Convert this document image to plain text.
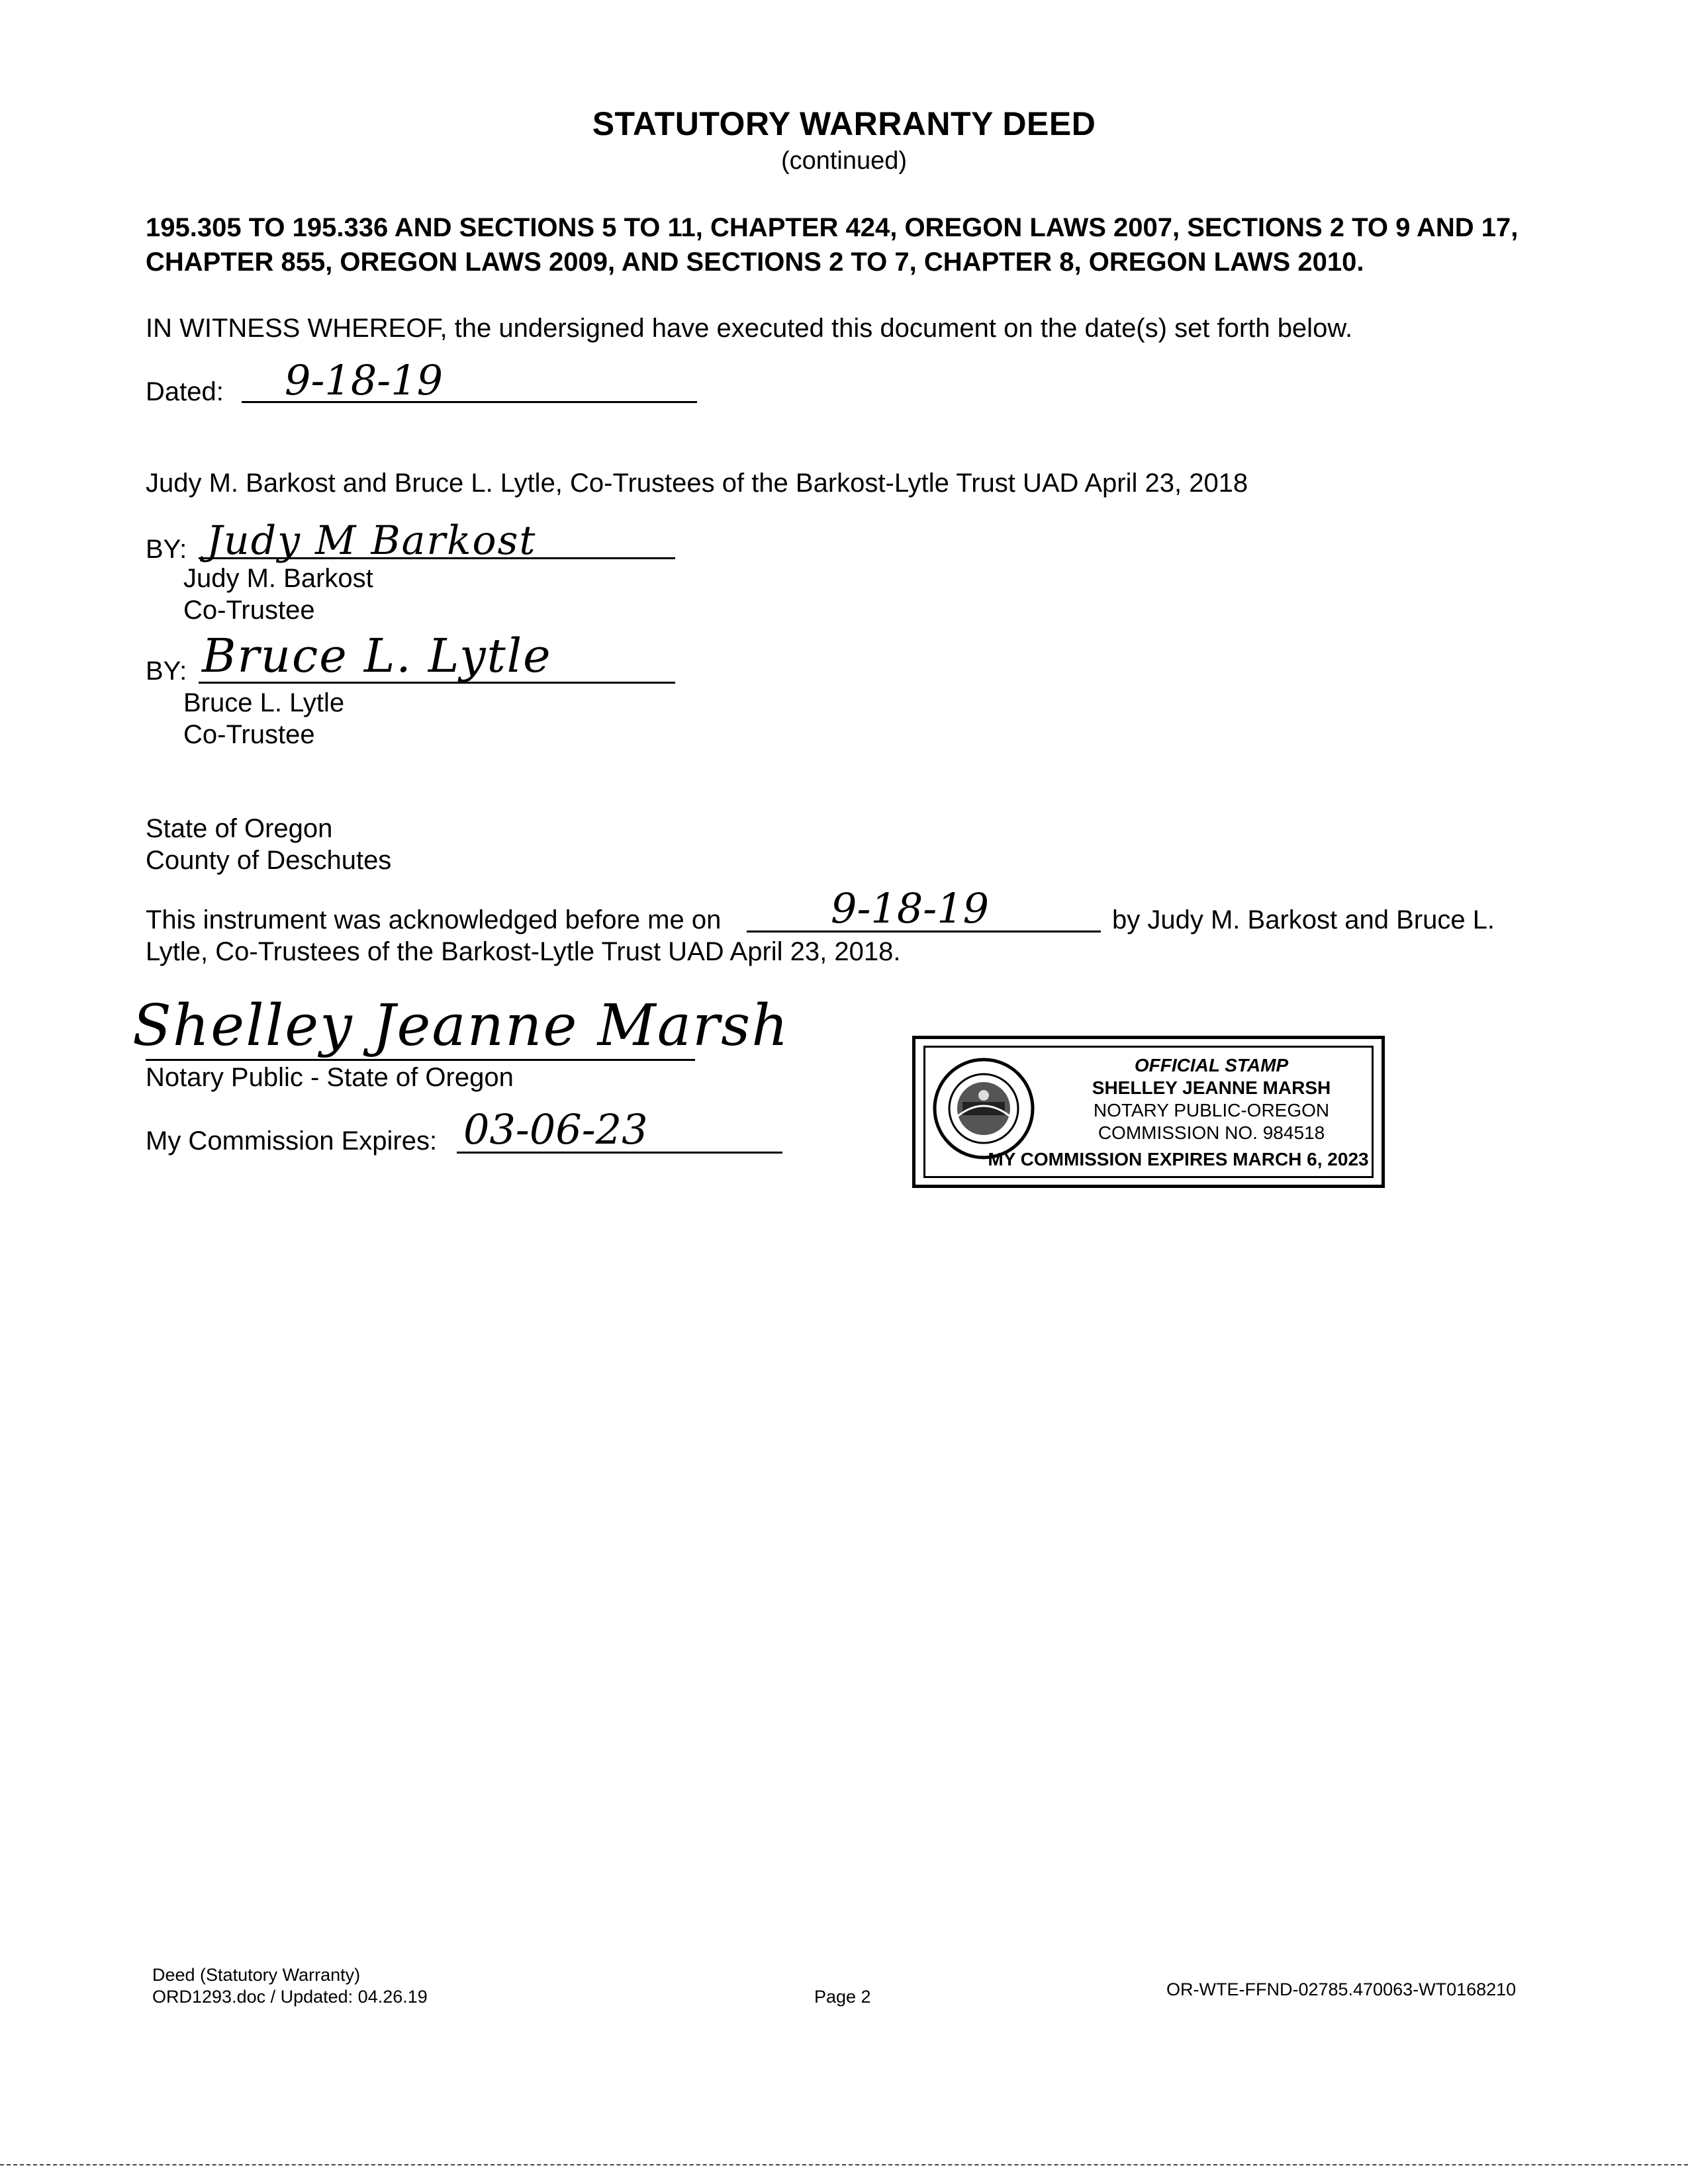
STATUTORY WARRANTY DEED
(continued)
195.305 TO 195.336 AND SECTIONS 5 TO 11, CHAPTER 424, OREGON LAWS 2007, SECTIONS 2 TO 9 AND 17, CHAPTER 855, OREGON LAWS 2009, AND SECTIONS 2 TO 7, CHAPTER 8, OREGON LAWS 2010.
IN WITNESS WHEREOF, the undersigned have executed this document on the date(s) set forth below.
Dated: 9-18-19
Judy M. Barkost and Bruce L. Lytle, Co-Trustees of the Barkost-Lytle Trust UAD April 23, 2018
BY: Judy M Barkost
Judy M. Barkost
Co-Trustee
BY: Bruce L. Lytle
Bruce L. Lytle
Co-Trustee
State of Oregon
County of Deschutes
This instrument was acknowledged before me on	9-18-19	by Judy M. Barkost and Bruce L.
Lytle, Co-Trustees of the Barkost-Lytle Trust UAD April 23, 2018.
Shelley Jeanne Marsh
Notary Public - State of Oregon
My Commission Expires: 03-06-23
OFFICIAL STAMP
SHELLEY JEANNE MARSH
NOTARY PUBLIC-OREGON
COMMISSION NO. 984518
MY COMMISSION EXPIRES MARCH 6, 2023
Deed (Statutory Warranty)
ORD1293.doc / Updated: 04.26.19	Page 2	OR-WTE-FFND-02785.470063-WT0168210
